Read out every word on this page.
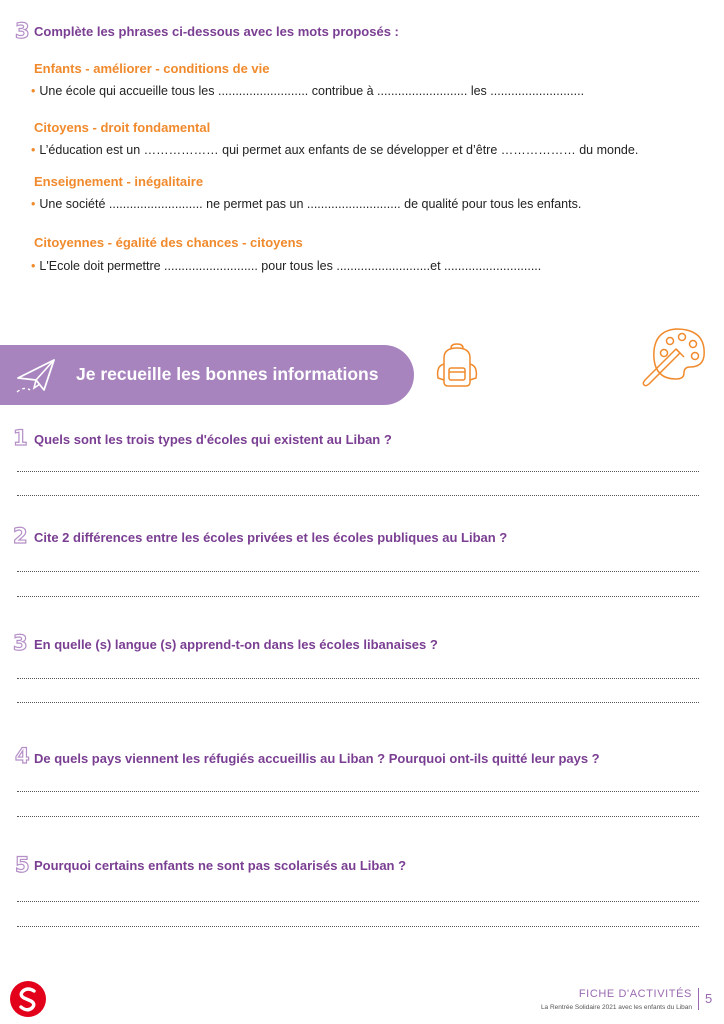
3 Complète les phrases ci-dessous avec les mots proposés :
Enfants - améliorer - conditions de vie
• Une école qui accueille tous les .......................... contribue à .......................... les ...........................
Citoyens - droit fondamental
• L’éducation est un ……………… qui permet aux enfants de se développer et d’être ……………… du monde.
Enseignement - inégalitaire
• Une société ........................... ne permet pas un ........................... de qualité pour tous les enfants.
Citoyennes - égalité des chances - citoyens
• L'Ecole doit permettre ........................... pour tous les ...........................et ............................
Je recueille les bonnes informations
1 Quels sont les trois types d'écoles qui existent au Liban ?
2 Cite 2 différences entre les écoles privées et les écoles publiques au Liban ?
3 En quelle (s) langue (s) apprend-t-on dans les écoles libanaises ?
4 De quels pays viennent les réfugiés accueillis au Liban ? Pourquoi ont-ils quitté leur pays ?
5 Pourquoi certains enfants ne sont pas scolarisés au Liban ?
FICHE D'ACTIVITÉS
La Rentrée Solidaire 2021 avec les enfants du Liban
5
